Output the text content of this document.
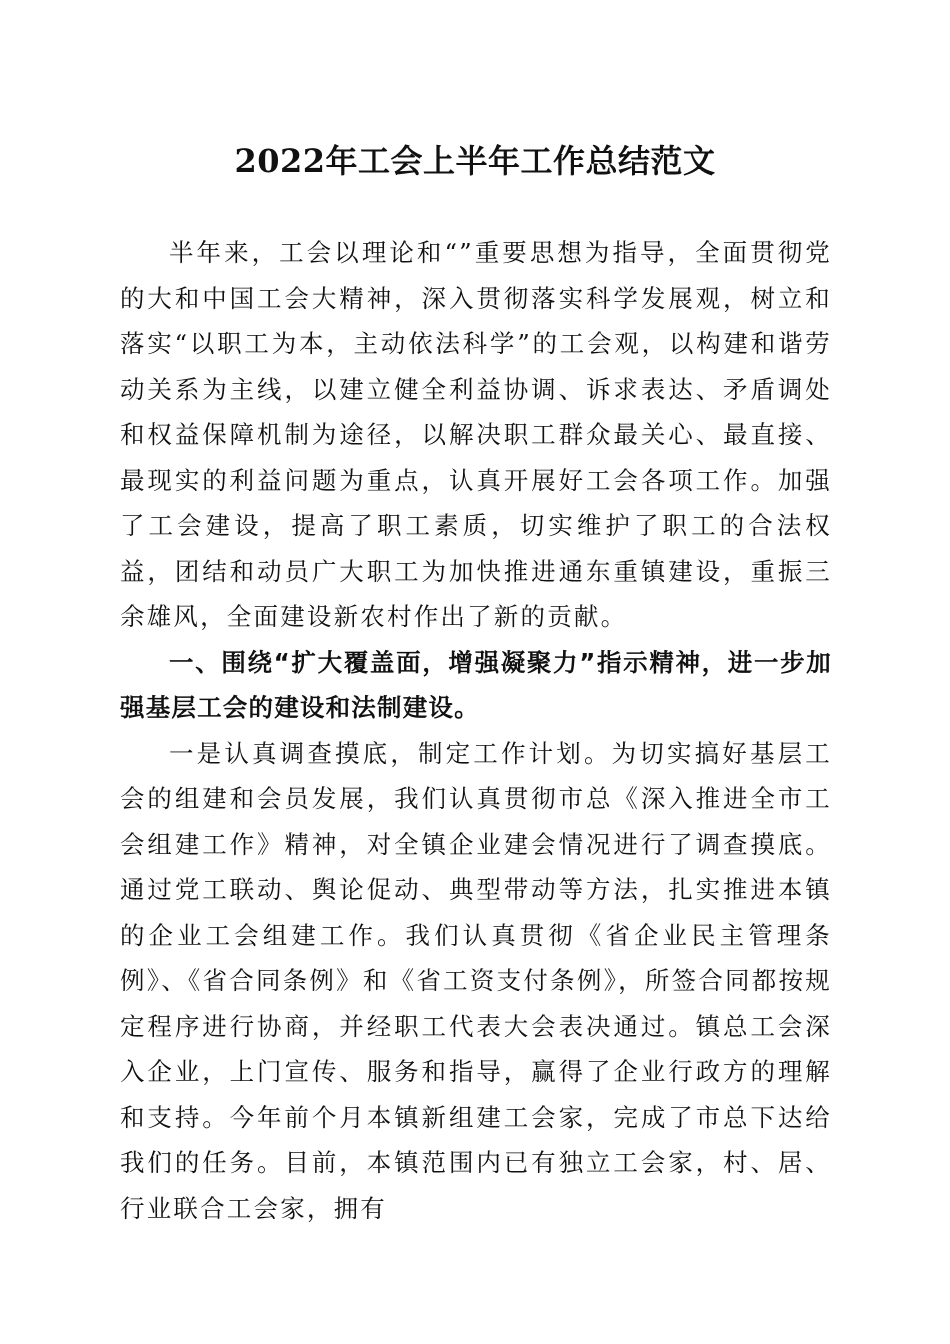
2022年工会上半年工作总结范文

半年来，工会以理论和“”重要思想为指导，全面贯彻党的大和中国工会大精神，深入贯彻落实科学发展观，树立和落实“以职工为本，主动依法科学”的工会观，以构建和谐劳动关系为主线，以建立健全利益协调、诉求表达、矛盾调处和权益保障机制为途径，以解决职工群众最关心、最直接、最现实的利益问题为重点，认真开展好工会各项工作。加强了工会建设，提高了职工素质，切实维护了职工的合法权益，团结和动员广大职工为加快推进通东重镇建设，重振三余雄风，全面建设新农村作出了新的贡献。

一、围绕“扩大覆盖面，增强凝聚力”指示精神，进一步加强基层工会的建设和法制建设。

一是认真调查摸底，制定工作计划。为切实搞好基层工会的组建和会员发展，我们认真贯彻市总《深入推进全市工会组建工作》精神，对全镇企业建会情况进行了调查摸底。通过党工联动、舆论促动、典型带动等方法，扎实推进本镇的企业工会组建工作。我们认真贯彻《省企业民主管理条例》、《省合同条例》和《省工资支付条例》，所签合同都按规定程序进行协商，并经职工代表大会表决通过。镇总工会深入企业，上门宣传、服务和指导，赢得了企业行政方的理解和支持。今年前个月本镇新组建工会家，完成了市总下达给我们的任务。目前，本镇范围内已有独立工会家，村、居、行业联合工会家，拥有
